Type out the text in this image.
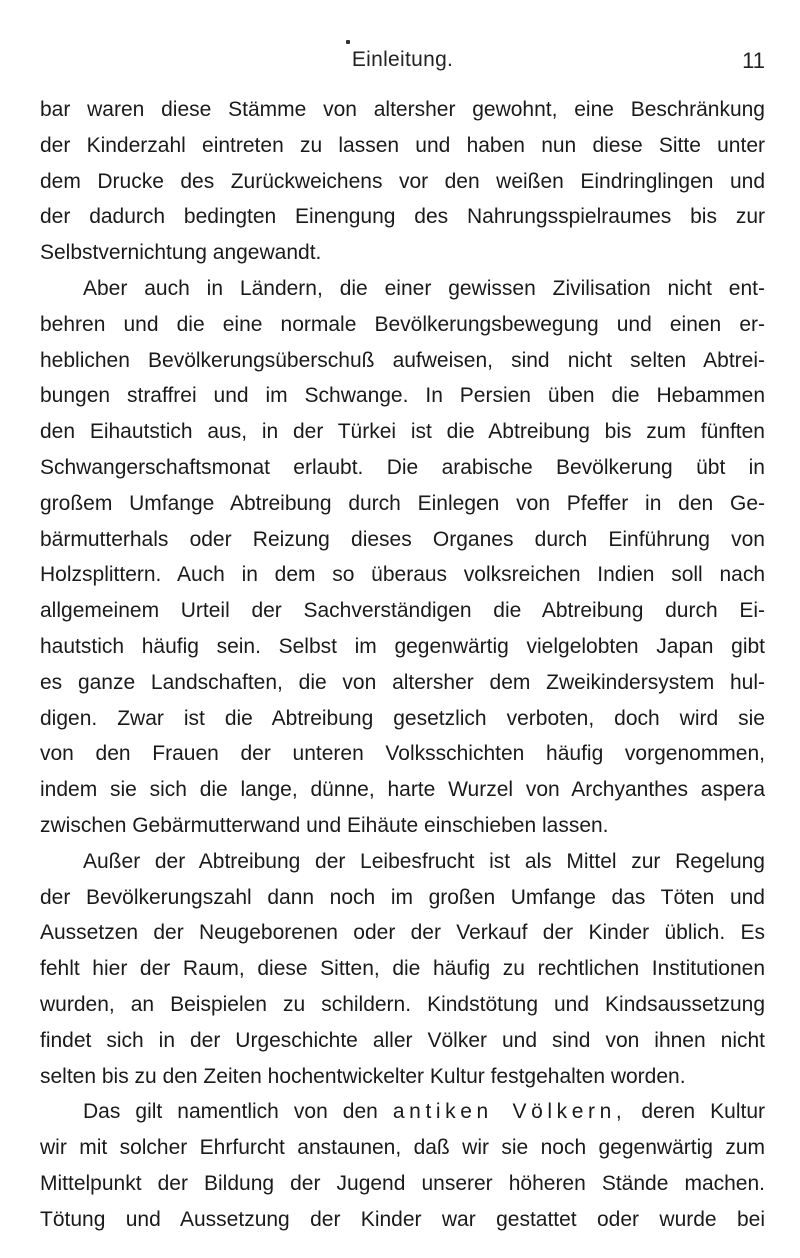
Einleitung.	11

bar waren diese Stämme von altersher gewohnt, eine Beschränkung
der Kinderzahl eintreten zu lassen und haben nun diese Sitte unter
dem Drucke des Zurückweichens vor den weißen Eindringlingen und
der dadurch bedingten Einengung des Nahrungsspielraumes bis zur
Selbstvernichtung angewandt.

Aber auch in Ländern, die einer gewissen Zivilisation nicht ent-
behren und die eine normale Bevölkerungsbewegung und einen er-
heblichen Bevölkerungsüberschuß aufweisen, sind nicht selten Abtrei-
bungen straffrei und im Schwange. In Persien üben die Hebammen
den Eihautstich aus, in der Türkei ist die Abtreibung bis zum fünften
Schwangerschaftsmonat erlaubt. Die arabische Bevölkerung übt in
großem Umfange Abtreibung durch Einlegen von Pfeffer in den Ge-
bärmutterhals oder Reizung dieses Organes durch Einführung von
Holzsplittern. Auch in dem so überaus volksreichen Indien soll nach
allgemeinem Urteil der Sachverständigen die Abtreibung durch Ei-
hautstich häufig sein. Selbst im gegenwärtig vielgelobten Japan gibt
es ganze Landschaften, die von altersher dem Zweikindersystem hul-
digen. Zwar ist die Abtreibung gesetzlich verboten, doch wird sie
von den Frauen der unteren Volksschichten häufig vorgenommen,
indem sie sich die lange, dünne, harte Wurzel von Archyanthes aspera
zwischen Gebärmutterwand und Eihäute einschieben lassen.

Außer der Abtreibung der Leibesfrucht ist als Mittel zur Regelung
der Bevölkerungszahl dann noch im großen Umfange das Töten und
Aussetzen der Neugeborenen oder der Verkauf der Kinder üblich. Es
fehlt hier der Raum, diese Sitten, die häufig zu rechtlichen Institutionen
wurden, an Beispielen zu schildern. Kindstötung und Kindsaussetzung
findet sich in der Urgeschichte aller Völker und sind von ihnen nicht
selten bis zu den Zeiten hochentwickelter Kultur festgehalten worden.

Das gilt namentlich von den antiken Völkern, deren Kultur
wir mit solcher Ehrfurcht anstaunen, daß wir sie noch gegenwärtig zum
Mittelpunkt der Bildung der Jugend unserer höheren Stände machen.
Tötung und Aussetzung der Kinder war gestattet oder wurde bei
